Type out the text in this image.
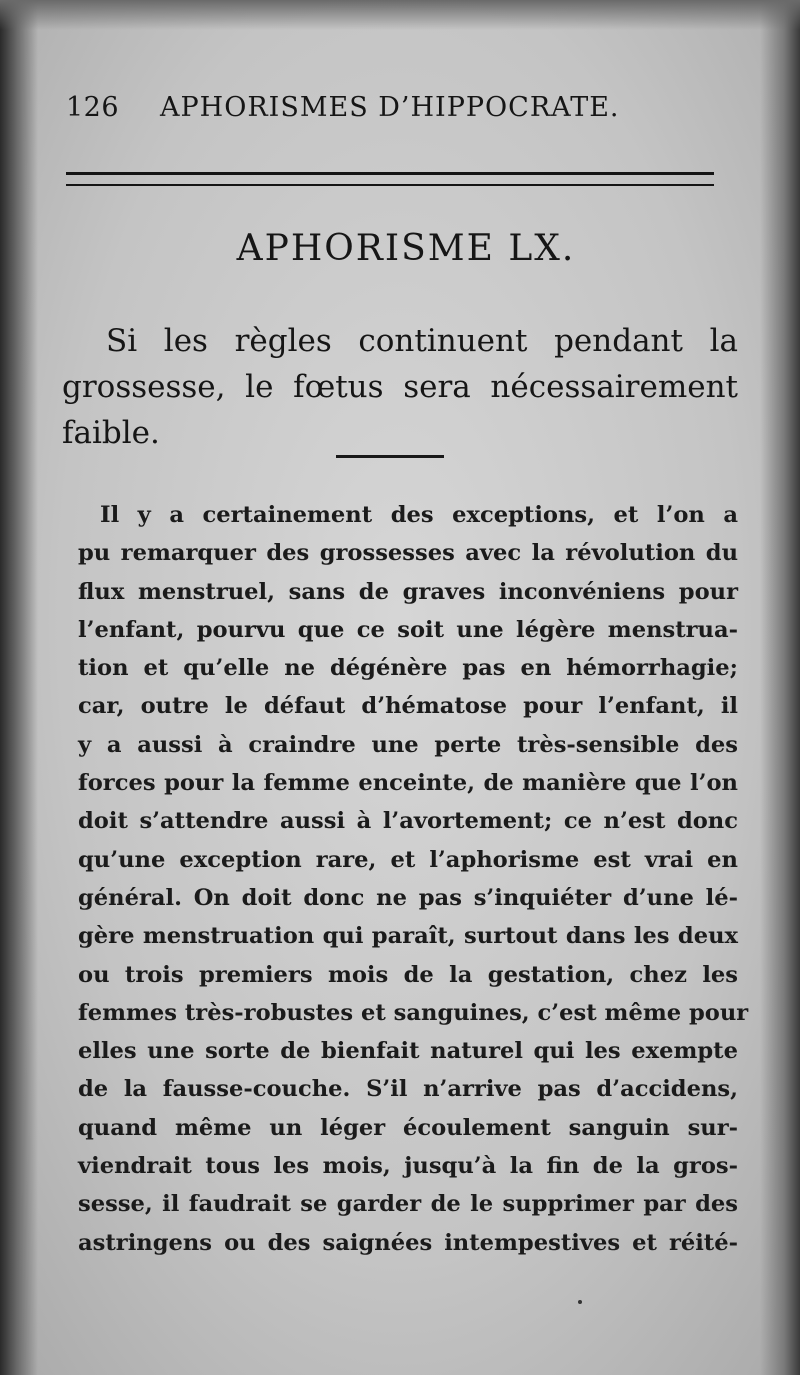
126 APHORISMES D’HIPPOCRATE.
APHORISME LX.

Si les règles continuent pendant la grossesse, le fœtus sera nécessairement faible.

Il y a certainement des exceptions, et l’on a
pu remarquer des grossesses avec la révolution du
flux menstruel, sans de graves inconvéniens pour
l’enfant, pourvu que ce soit une légère menstrua-
tion et qu’elle ne dégénère pas en hémorrhagie;
car, outre le défaut d’hématose pour l’enfant, il
y a aussi à craindre une perte très-sensible des
forces pour la femme enceinte, de manière que l’on
doit s’attendre aussi à l’avortement; ce n’est donc
qu’une exception rare, et l’aphorisme est vrai en
général. On doit donc ne pas s’inquiéter d’une lé-
gère menstruation qui paraît, surtout dans les deux
ou trois premiers mois de la gestation, chez les
femmes très-robustes et sanguines, c’est même pour
elles une sorte de bienfait naturel qui les exempte
de la fausse-couche. S’il n’arrive pas d’accidens,
quand même un léger écoulement sanguin sur-
viendrait tous les mois, jusqu’à la fin de la gros-
sesse, il faudrait se garder de le supprimer par des
astringens ou des saignées intempestives et réité-
